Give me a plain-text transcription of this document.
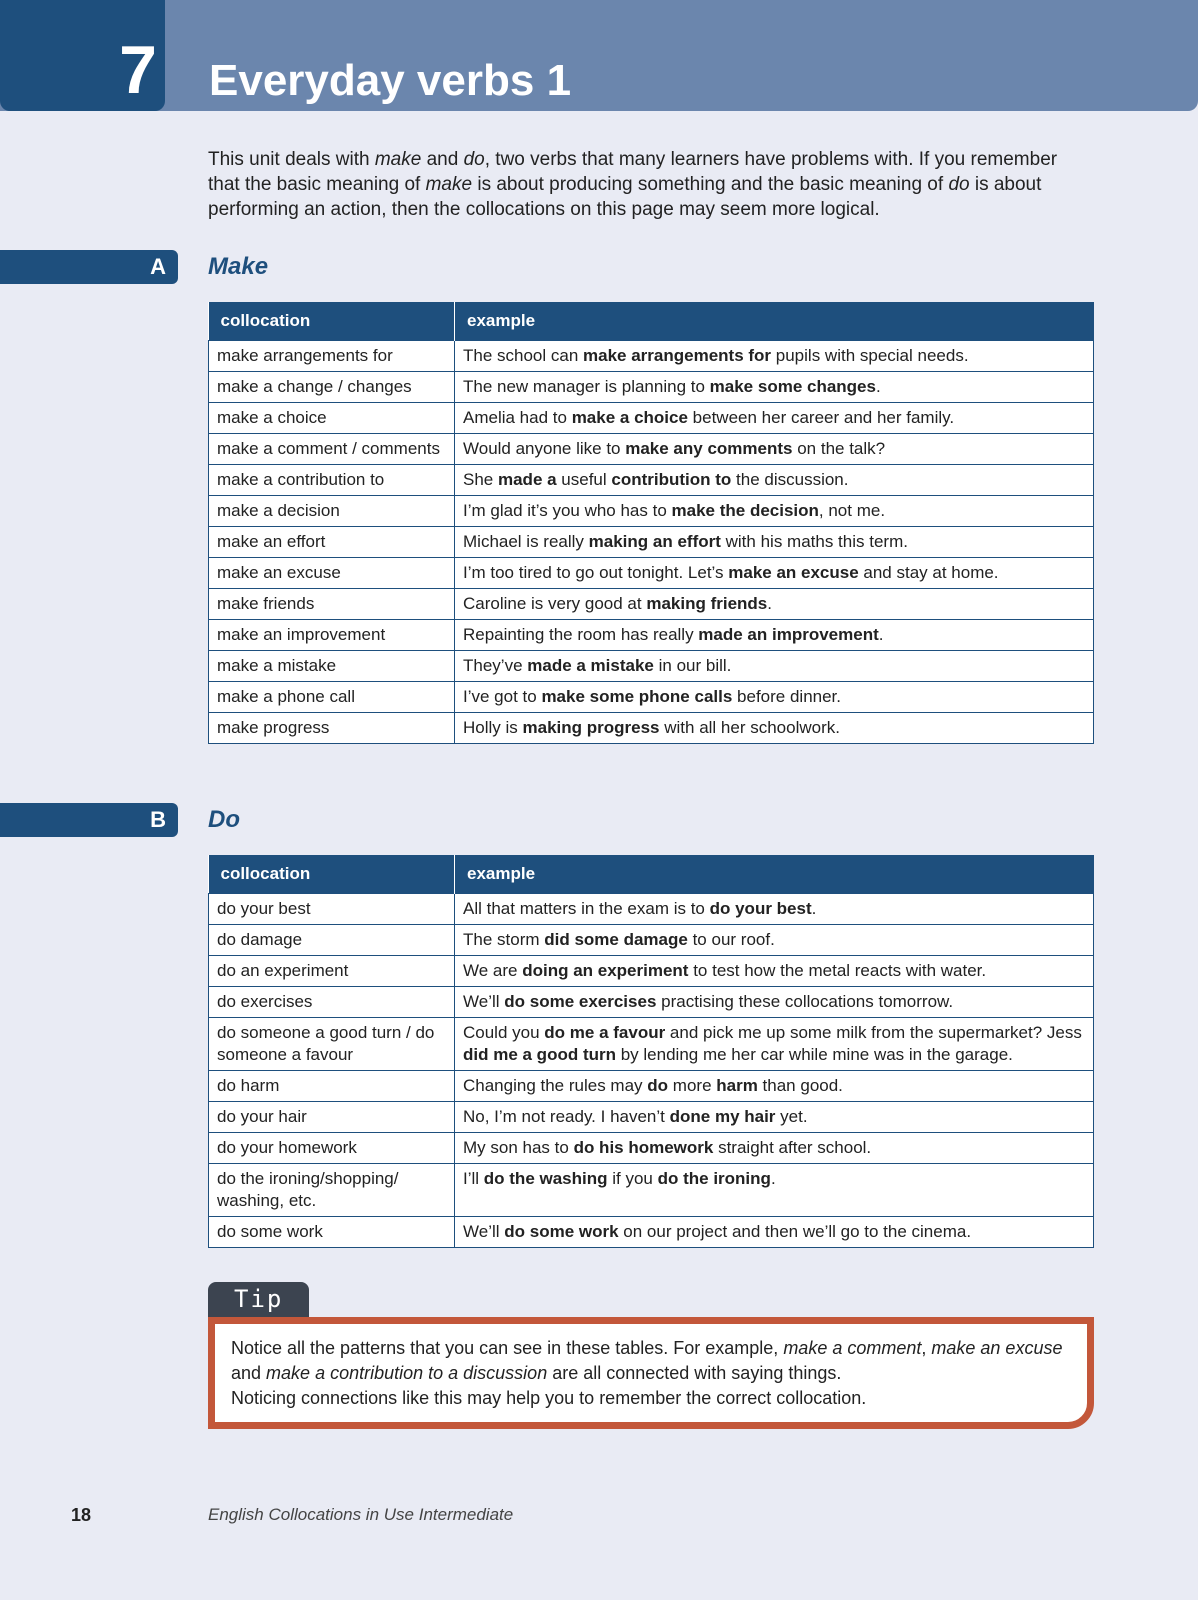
7 Everyday verbs 1
This unit deals with make and do, two verbs that many learners have problems with. If you remember that the basic meaning of make is about producing something and the basic meaning of do is about performing an action, then the collocations on this page may seem more logical.
A Make
collocation	example
make arrangements for	The school can make arrangements for pupils with special needs.
make a change / changes	The new manager is planning to make some changes.
make a choice	Amelia had to make a choice between her career and her family.
make a comment / comments	Would anyone like to make any comments on the talk?
make a contribution to	She made a useful contribution to the discussion.
make a decision	I’m glad it’s you who has to make the decision, not me.
make an effort	Michael is really making an effort with his maths this term.
make an excuse	I’m too tired to go out tonight. Let’s make an excuse and stay at home.
make friends	Caroline is very good at making friends.
make an improvement	Repainting the room has really made an improvement.
make a mistake	They’ve made a mistake in our bill.
make a phone call	I’ve got to make some phone calls before dinner.
make progress	Holly is making progress with all her schoolwork.
B Do
collocation	example
do your best	All that matters in the exam is to do your best.
do damage	The storm did some damage to our roof.
do an experiment	We are doing an experiment to test how the metal reacts with water.
do exercises	We’ll do some exercises practising these collocations tomorrow.
do someone a good turn / do someone a favour	Could you do me a favour and pick me up some milk from the supermarket? Jess did me a good turn by lending me her car while mine was in the garage.
do harm	Changing the rules may do more harm than good.
do your hair	No, I’m not ready. I haven’t done my hair yet.
do your homework	My son has to do his homework straight after school.
do the ironing/shopping/ washing, etc.	I’ll do the washing if you do the ironing.
do some work	We’ll do some work on our project and then we’ll go to the cinema.
Tip
Notice all the patterns that you can see in these tables. For example, make a comment, make an excuse and make a contribution to a discussion are all connected with saying things.
Noticing connections like this may help you to remember the correct collocation.
18	English Collocations in Use Intermediate
